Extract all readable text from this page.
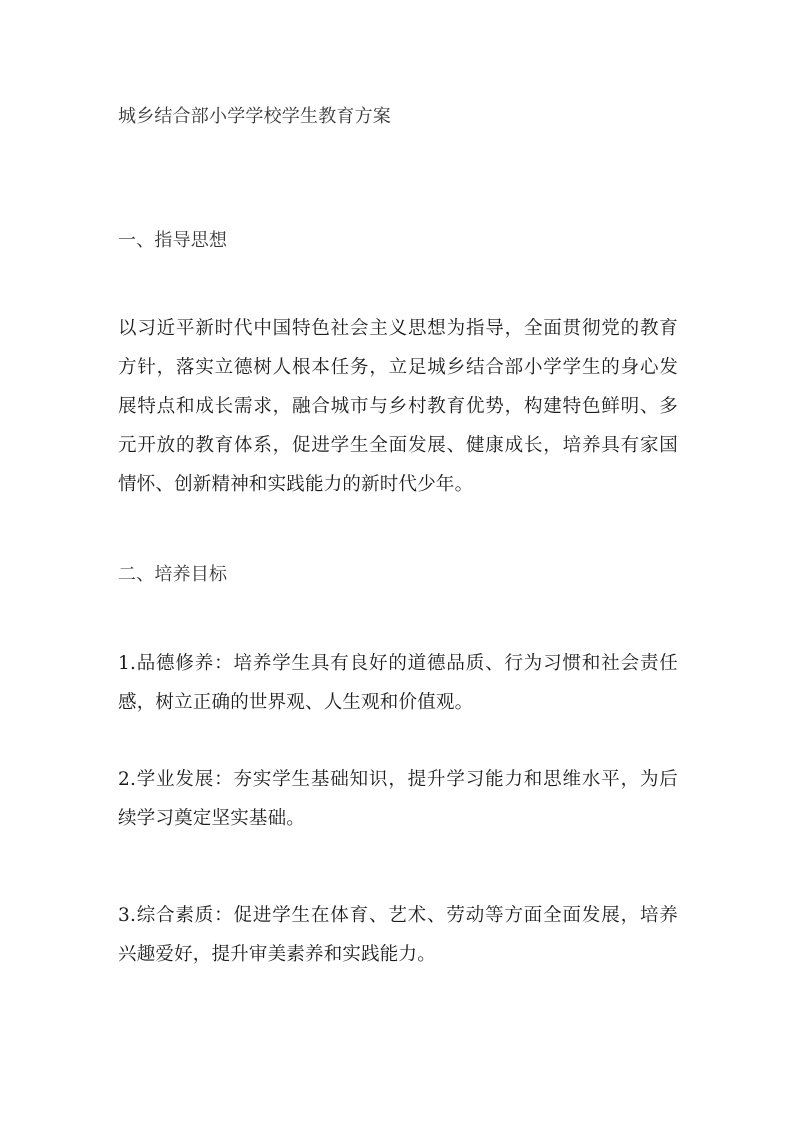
城乡结合部小学学校学生教育方案
一、指导思想
以习近平新时代中国特色社会主义思想为指导，全面贯彻党的教育方针，落实立德树人根本任务，立足城乡结合部小学学生的身心发展特点和成长需求，融合城市与乡村教育优势，构建特色鲜明、多元开放的教育体系，促进学生全面发展、健康成长，培养具有家国情怀、创新精神和实践能力的新时代少年。
二、培养目标
1.品德修养：培养学生具有良好的道德品质、行为习惯和社会责任感，树立正确的世界观、人生观和价值观。
2.学业发展：夯实学生基础知识，提升学习能力和思维水平，为后续学习奠定坚实基础。
3.综合素质：促进学生在体育、艺术、劳动等方面全面发展，培养兴趣爱好，提升审美素养和实践能力。
